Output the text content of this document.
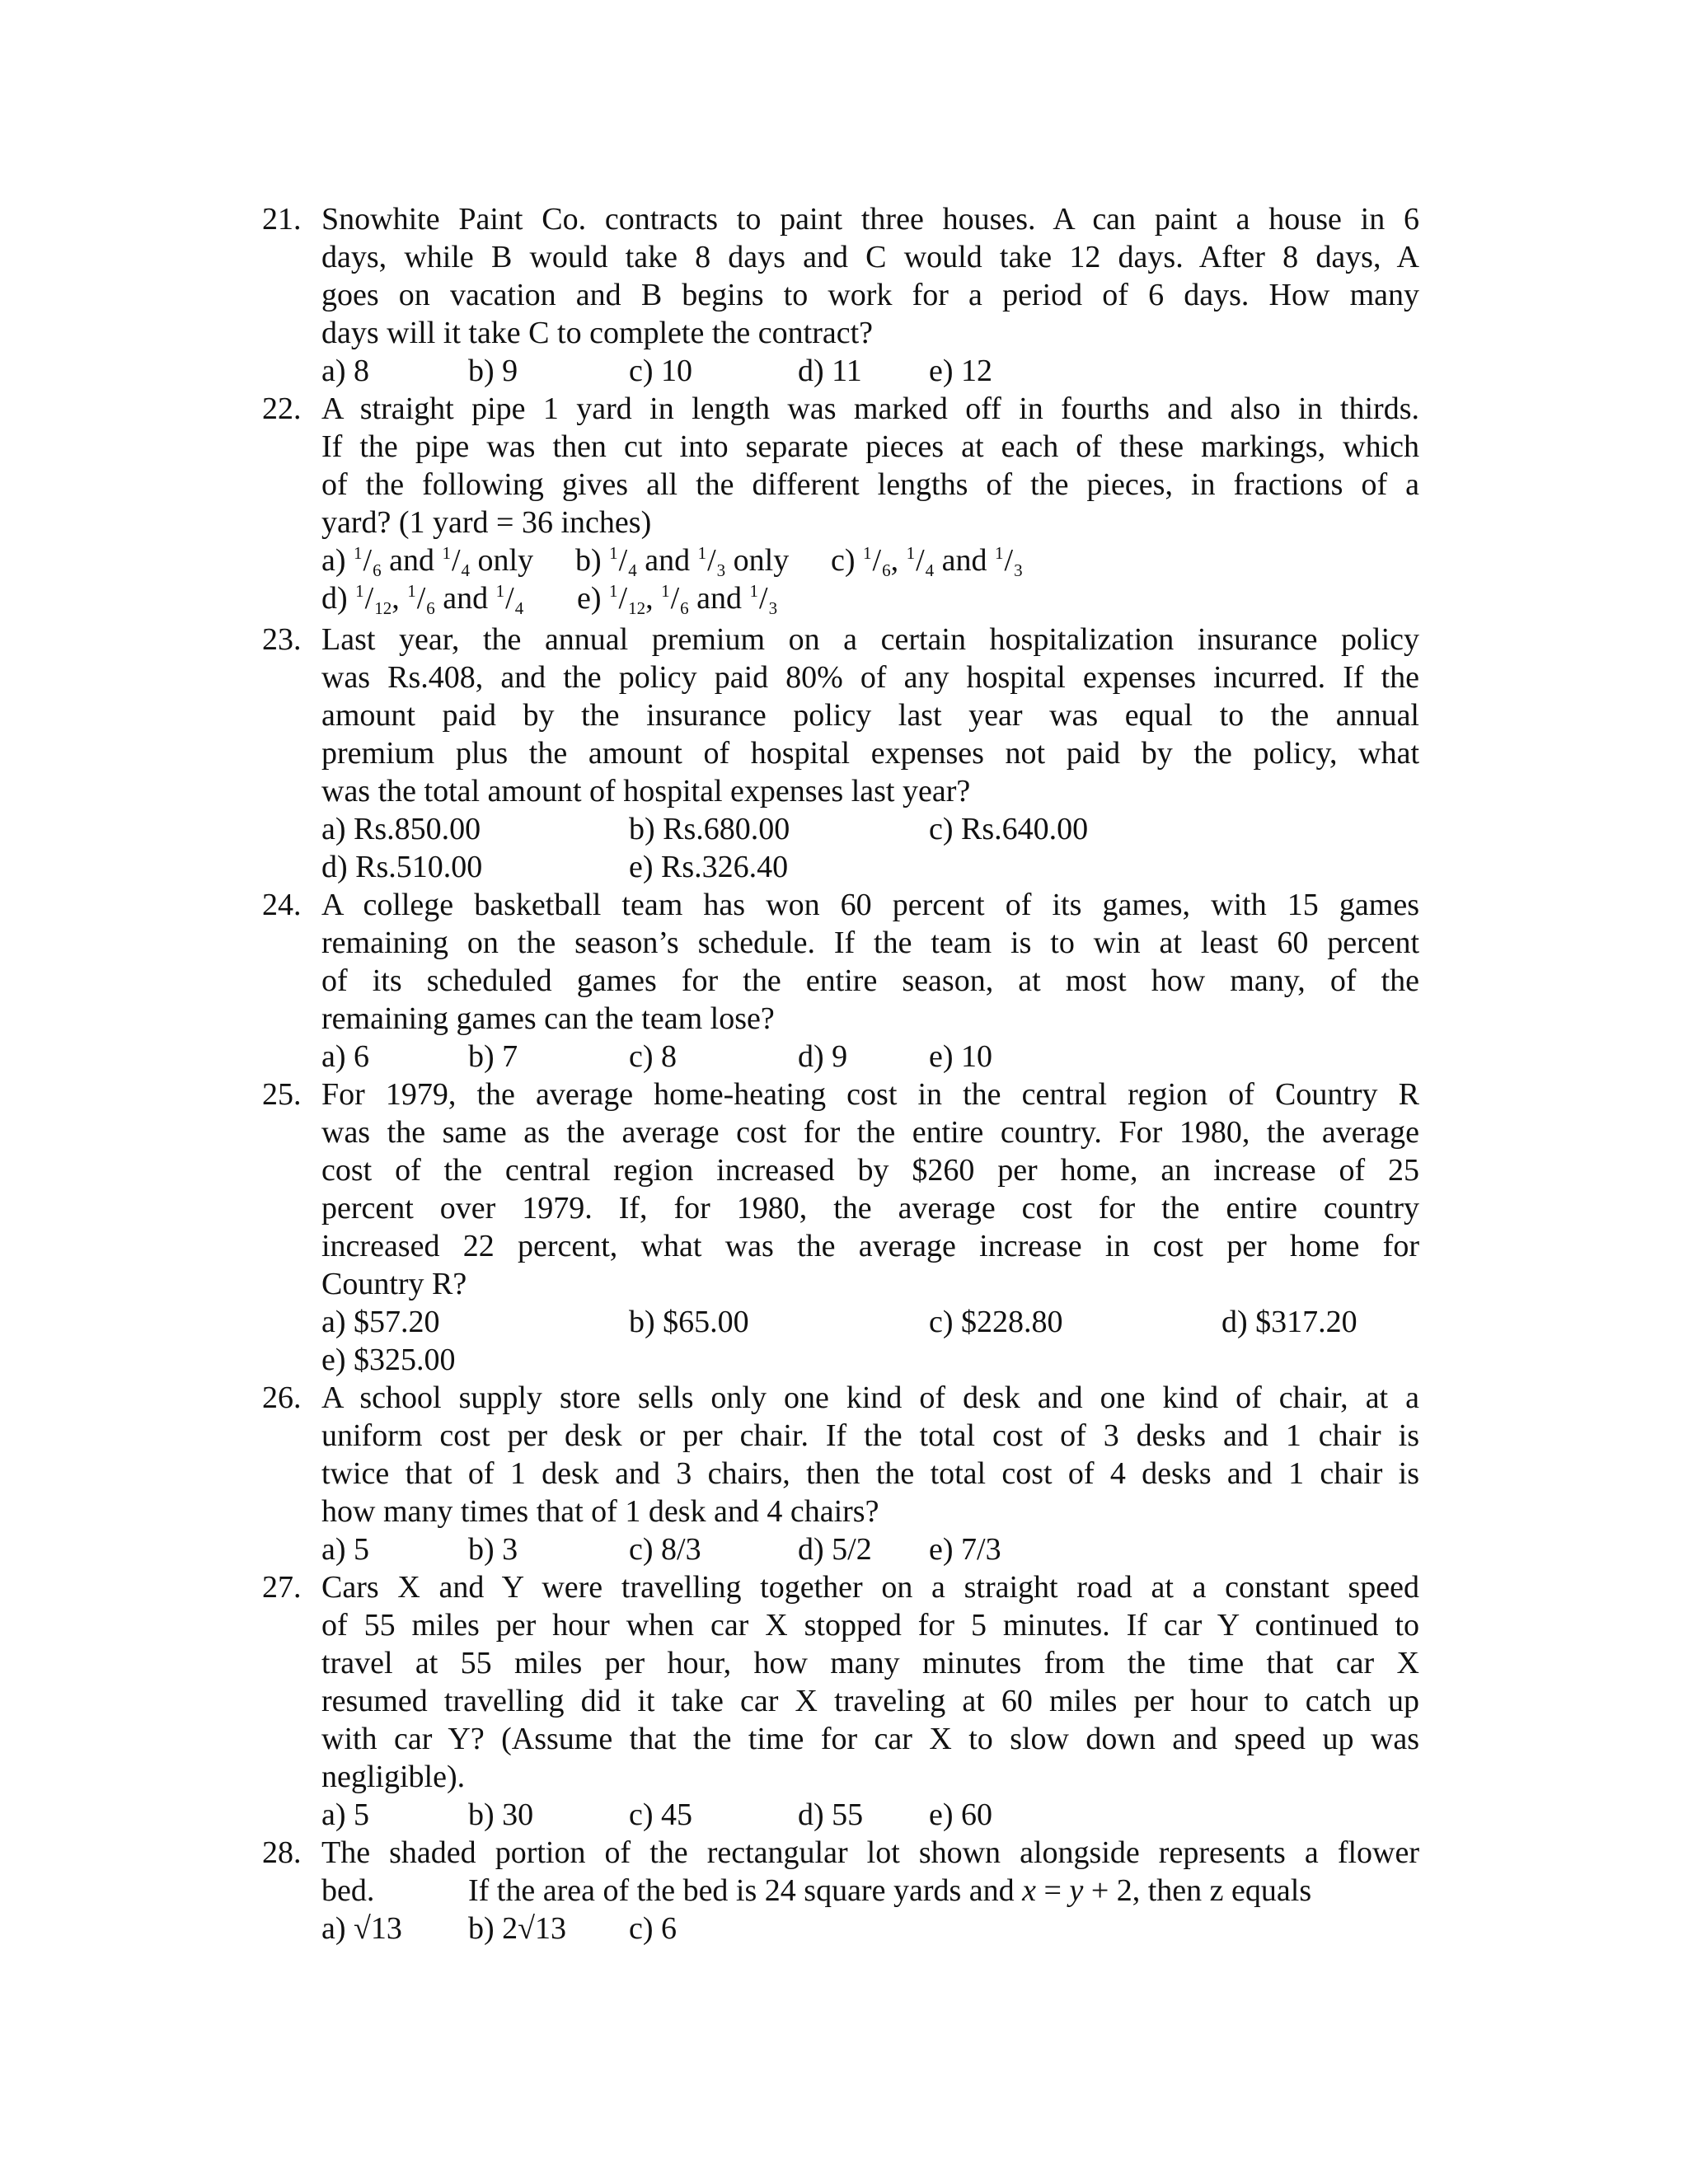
21. Snowhite Paint Co. contracts to paint three houses. A can paint a house in 6
days, while B would take 8 days and C would take 12 days. After 8 days, A
goes on vacation and B begins to work for a period of 6 days. How many
days will it take C to complete the contract?
a) 8	b) 9	c) 10	d) 11 e) 12
22. A straight pipe 1 yard in length was marked off in fourths and also in thirds.
If the pipe was then cut into separate pieces at each of these markings, which
of the following gives all the different lengths of the pieces, in fractions of a
yard? (1 yard = 36 inches)
a) $^1/_6$ and $^1/_4$ only b) $^1/_4$ and $^1/_3$ only c) $^1/_6$, $^1/_4$ and $^1/_3$
d) $^1/_{12}$, $^1/_6$ and $^1/_4$ e) $^1/_{12}$, $^1/_6$ and $^1/_3$
23. Last year, the annual premium on a certain hospitalization insurance policy
was Rs.408, and the policy paid 80% of any hospital expenses incurred. If the
amount paid by the insurance policy last year was equal to the annual
premium plus the amount of hospital expenses not paid by the policy, what
was the total amount of hospital expenses last year?
a) Rs.850.00	b) Rs.680.00	c) Rs.640.00
d) Rs.510.00	e) Rs.326.40
24. A college basketball team has won 60 percent of its games, with 15 games
remaining on the season’s schedule. If the team is to win at least 60 percent
of its scheduled games for the entire season, at most how many, of the
remaining games can the team lose?
a) 6	b) 7	c) 8	d) 9	e) 10
25. For 1979, the average home-heating cost in the central region of Country R
was the same as the average cost for the entire country. For 1980, the average
cost of the central region increased by $260 per home, an increase of 25
percent over 1979. If, for 1980, the average cost for the entire country
increased 22 percent, what was the average increase in cost per home for
Country R?
a) $57.20	b) $65.00	c) $228.80	d) $317.20
e) $325.00
26. A school supply store sells only one kind of desk and one kind of chair, at a
uniform cost per desk or per chair. If the total cost of 3 desks and 1 chair is
twice that of 1 desk and 3 chairs, then the total cost of 4 desks and 1 chair is
how many times that of 1 desk and 4 chairs?
a) 5	b) 3	c) 8/3	d) 5/2 e) 7/3
27. Cars X and Y were travelling together on a straight road at a constant speed
of 55 miles per hour when car X stopped for 5 minutes. If car Y continued to
travel at 55 miles per hour, how many minutes from the time that car X
resumed travelling did it take car X traveling at 60 miles per hour to catch up
with car Y? (Assume that the time for car X to slow down and speed up was
negligible).
a) 5	b) 30	c) 45	d) 55 e) 60
28. The shaded portion of the rectangular lot shown alongside represents a flower
bed.	If the area of the bed is 24 square yards and x = y + 2, then z equals
a) √13 b) 2√13 c) 6
